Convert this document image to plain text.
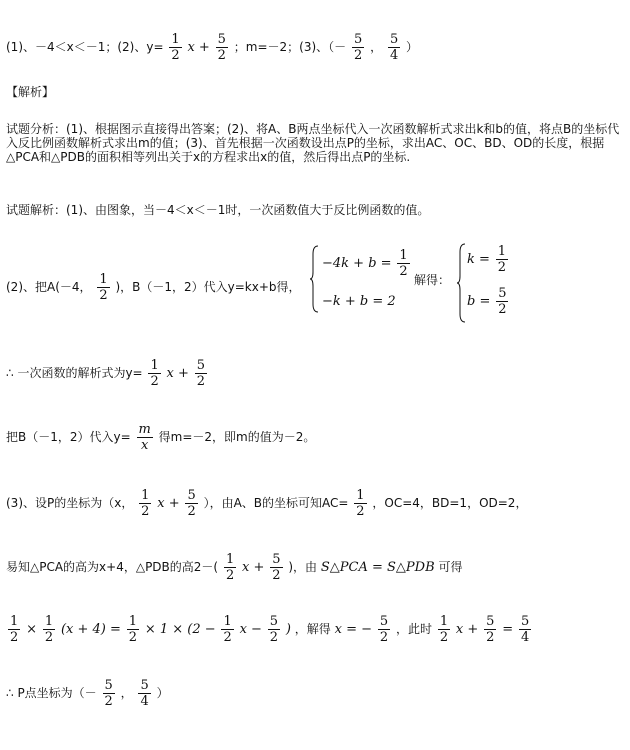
(1)、－4＜x＜－1；(2)、$y= \frac{1}{2}$ $x + \frac{5}{2}$ ；m=－2；(3)、（－ $\frac{5}{2}$ ， $\frac{5}{4}$ ）
【解析】
试题分析：(1)、根据图示直接得出答案；(2)、将A、B两点坐标代入一次函数解析式求出k和b的值，将点B的坐标代入反比例函数解析式求出m的值；(3)、首先根据一次函数设出点P的坐标，求出AC、OC、BD、OD的长度，根据△PCA和△PDB的面积相等列出关于x的方程求出x的值，然后得出点P的坐标.
试题解析：(1)、由图象，当－4＜x＜－1时，一次函数值大于反比例函数的值。
(2)、把A(－4， $\frac{1}{2}$ )，B（－1，2）代入y=kx+b得，
$-4k + b = \frac{1}{2}$
−k + b = 2
解得：
$k = \frac{1}{2}$
$b = \frac{5}{2}$
∴ 一次函数的解析式为$y= \frac{1}{2}$ $x + \frac{5}{2}$
把B（－1，2）代入$y= \frac{m}{x}$ 得m=－2，即m的值为－2。
(3)、设P的坐标为（x， $\frac{1}{2}$ $x + \frac{5}{2}$ ），由A、B的坐标可知$AC= \frac{1}{2}$ ，OC=4，BD=1，OD=2，
易知△PCA的高为x+4，△PDB的高$2-( \frac{1}{2}$ $x + \frac{5}{2}$ )，由 S△PCA = S△PDB 可得
$\frac{1}{2} \times \frac{1}{2} (x + 4) = \frac{1}{2} \times 1 \times (2 - \frac{1}{2}$ $x - \frac{5}{2}$ ) ，解得 x = − $\frac{5}{2}$ ，此时 $\frac{1}{2}$ $x + \frac{5}{2} = \frac{5}{4}$
∴ P点坐标为（－ $\frac{5}{2}$ ， $\frac{5}{4}$ ）
